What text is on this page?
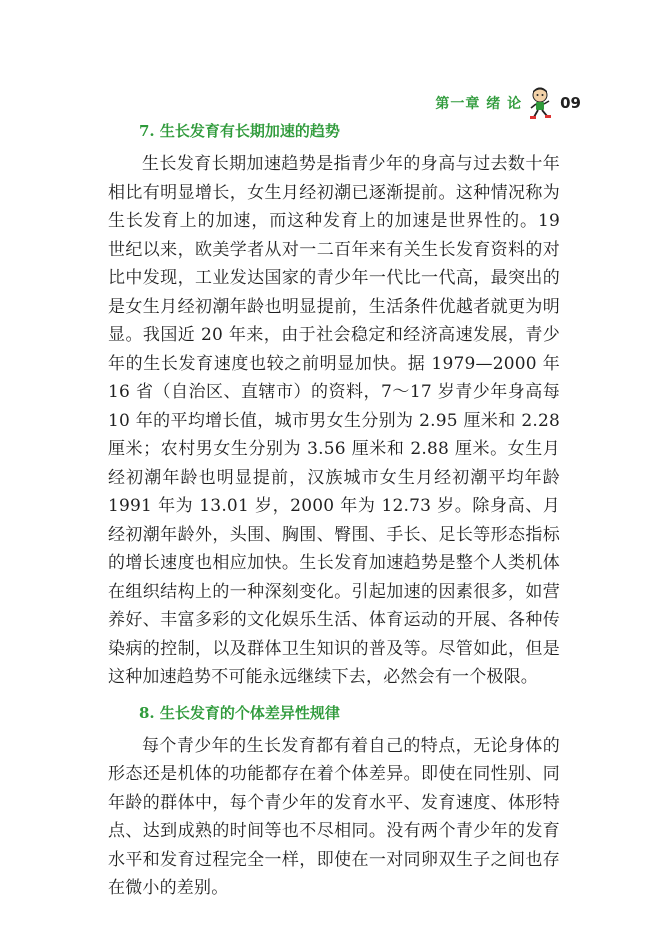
第一章 绪 论	09
7. 生长发育有长期加速的趋势

生长发育长期加速趋势是指青少年的身高与过去数十年相比有明显增长，女生月经初潮已逐渐提前。这种情况称为生长发育上的加速，而这种发育上的加速是世界性的。19 世纪以来，欧美学者从对一二百年来有关生长发育资料的对比中发现，工业发达国家的青少年一代比一代高，最突出的是女生月经初潮年龄也明显提前，生活条件优越者就更为明显。我国近 20 年来，由于社会稳定和经济高速发展，青少年的生长发育速度也较之前明显加快。据 1979—2000 年 16 省（自治区、直辖市）的资料，7～17 岁青少年身高每 10 年的平均增长值，城市男女生分别为 2.95 厘米和 2.28 厘米；农村男女生分别为 3.56 厘米和 2.88 厘米。女生月经初潮年龄也明显提前，汉族城市女生月经初潮平均年龄 1991 年为 13.01 岁，2000 年为 12.73 岁。除身高、月经初潮年龄外，头围、胸围、臀围、手长、足长等形态指标的增长速度也相应加快。生长发育加速趋势是整个人类机体在组织结构上的一种深刻变化。引起加速的因素很多，如营养好、丰富多彩的文化娱乐生活、体育运动的开展、各种传染病的控制，以及群体卫生知识的普及等。尽管如此，但是这种加速趋势不可能永远继续下去，必然会有一个极限。

8. 生长发育的个体差异性规律

每个青少年的生长发育都有着自己的特点，无论身体的形态还是机体的功能都存在着个体差异。即使在同性别、同年龄的群体中，每个青少年的发育水平、发育速度、体形特点、达到成熟的时间等也不尽相同。没有两个青少年的发育水平和发育过程完全一样，即使在一对同卵双生子之间也存在微小的差别。
